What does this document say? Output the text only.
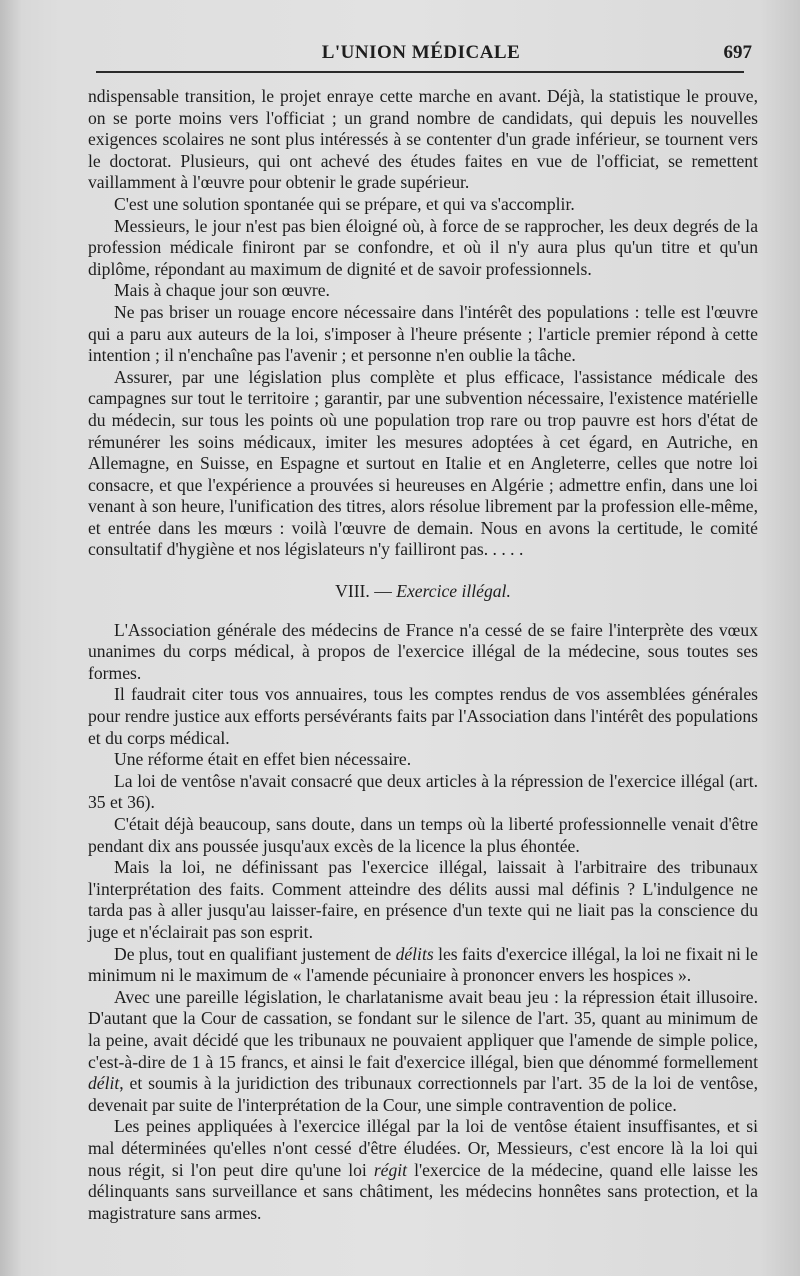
L'UNION MÉDICALE	697

ndispensable transition, le projet enraye cette marche en avant. Déjà, la statistique le prouve, on se porte moins vers l'officiat ; un grand nombre de candidats, qui depuis les nouvelles exigences scolaires ne sont plus intéressés à se contenter d'un grade inférieur, se tournent vers le doctorat. Plusieurs, qui ont achevé des études faites en vue de l'officiat, se remettent vaillamment à l'œuvre pour obtenir le grade supérieur.

C'est une solution spontanée qui se prépare, et qui va s'accomplir.

Messieurs, le jour n'est pas bien éloigné où, à force de se rapprocher, les deux degrés de la profession médicale finiront par se confondre, et où il n'y aura plus qu'un titre et qu'un diplôme, répondant au maximum de dignité et de savoir professionnels.

Mais à chaque jour son œuvre.

Ne pas briser un rouage encore nécessaire dans l'intérêt des populations : telle est l'œuvre qui a paru aux auteurs de la loi, s'imposer à l'heure présente ; l'article premier répond à cette intention ; il n'enchaîne pas l'avenir ; et personne n'en oublie la tâche.

Assurer, par une législation plus complète et plus efficace, l'assistance médicale des campagnes sur tout le territoire ; garantir, par une subvention nécessaire, l'existence matérielle du médecin, sur tous les points où une population trop rare ou trop pauvre est hors d'état de rémunérer les soins médicaux, imiter les mesures adoptées à cet égard, en Autriche, en Allemagne, en Suisse, en Espagne et surtout en Italie et en Angleterre, celles que notre loi consacre, et que l'expérience a prouvées si heureuses en Algérie ; admettre enfin, dans une loi venant à son heure, l'unification des titres, alors résolue librement par la profession elle-même, et entrée dans les mœurs : voilà l'œuvre de demain. Nous en avons la certitude, le comité consultatif d'hygiène et nos législateurs n'y failliront pas. . . . .

VIII. — Exercice illégal.

L'Association générale des médecins de France n'a cessé de se faire l'interprète des vœux unanimes du corps médical, à propos de l'exercice illégal de la médecine, sous toutes ses formes.

Il faudrait citer tous vos annuaires, tous les comptes rendus de vos assemblées générales pour rendre justice aux efforts persévérants faits par l'Association dans l'intérêt des populations et du corps médical.

Une réforme était en effet bien nécessaire.

La loi de ventôse n'avait consacré que deux articles à la répression de l'exercice illégal (art. 35 et 36).

C'était déjà beaucoup, sans doute, dans un temps où la liberté professionnelle venait d'être pendant dix ans poussée jusqu'aux excès de la licence la plus éhontée.

Mais la loi, ne définissant pas l'exercice illégal, laissait à l'arbitraire des tribunaux l'interprétation des faits. Comment atteindre des délits aussi mal définis ? L'indulgence ne tarda pas à aller jusqu'au laisser-faire, en présence d'un texte qui ne liait pas la conscience du juge et n'éclairait pas son esprit.

De plus, tout en qualifiant justement de délits les faits d'exercice illégal, la loi ne fixait ni le minimum ni le maximum de « l'amende pécuniaire à prononcer envers les hospices ».

Avec une pareille législation, le charlatanisme avait beau jeu : la répression était illusoire. D'autant que la Cour de cassation, se fondant sur le silence de l'art. 35, quant au minimum de la peine, avait décidé que les tribunaux ne pouvaient appliquer que l'amende de simple police, c'est-à-dire de 1 à 15 francs, et ainsi le fait d'exercice illégal, bien que dénommé formellement délit, et soumis à la juridiction des tribunaux correctionnels par l'art. 35 de la loi de ventôse, devenait par suite de l'interprétation de la Cour, une simple contravention de police.

Les peines appliquées à l'exercice illégal par la loi de ventôse étaient insuffisantes, et si mal déterminées qu'elles n'ont cessé d'être éludées. Or, Messieurs, c'est encore là la loi qui nous régit, si l'on peut dire qu'une loi régit l'exercice de la médecine, quand elle laisse les délinquants sans surveillance et sans châtiment, les médecins honnêtes sans protection, et la magistrature sans armes.
